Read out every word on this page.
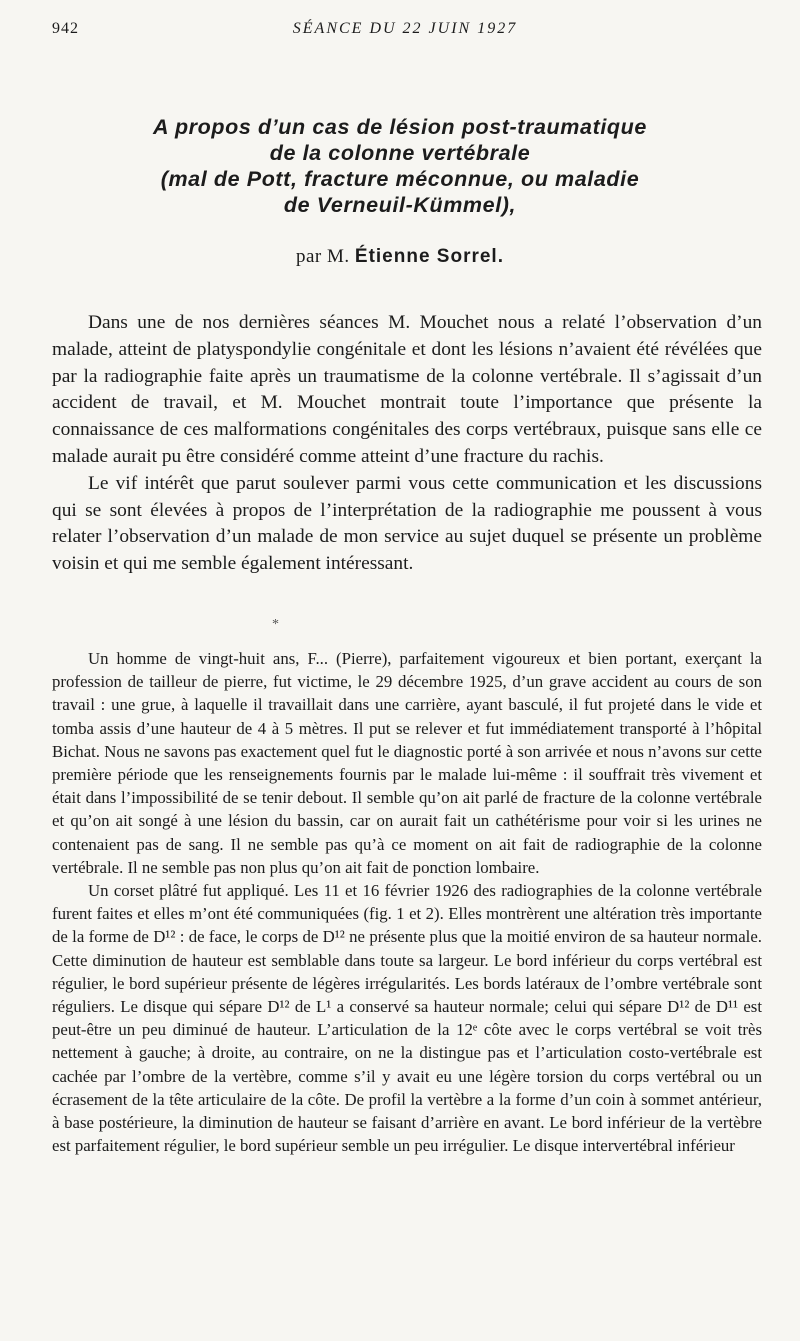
942	SÉANCE DU 22 JUIN 1927
A propos d’un cas de lésion post-traumatique
de la colonne vertébrale
(mal de Pott, fracture méconnue, ou maladie
de Verneuil-Kümmel),
par M. Étienne Sorrel.

Dans une de nos dernières séances M. Mouchet nous a relaté l’observation d’un malade, atteint de platyspondylie congénitale et dont les lésions n’avaient été révélées que par la radiographie faite après un traumatisme de la colonne vertébrale. Il s’agissait d’un accident de travail, et M. Mouchet montrait toute l’importance que présente la connaissance de ces malformations congénitales des corps vertébraux, puisque sans elle ce malade aurait pu être considéré comme atteint d’une fracture du rachis.

Le vif intérêt que parut soulever parmi vous cette communication et les discussions qui se sont élevées à propos de l’interprétation de la radiographie me poussent à vous relater l’observation d’un malade de mon service au sujet duquel se présente un problème voisin et qui me semble également intéressant.

*

Un homme de vingt-huit ans, F... (Pierre), parfaitement vigoureux et bien portant, exerçant la profession de tailleur de pierre, fut victime, le 29 décembre 1925, d’un grave accident au cours de son travail : une grue, à laquelle il travaillait dans une carrière, ayant basculé, il fut projeté dans le vide et tomba assis d’une hauteur de 4 à 5 mètres. Il put se relever et fut immédiatement transporté à l’hôpital Bichat. Nous ne savons pas exactement quel fut le diagnostic porté à son arrivée et nous n’avons sur cette première période que les renseignements fournis par le malade lui-même : il souffrait très vivement et était dans l’impossibilité de se tenir debout. Il semble qu’on ait parlé de fracture de la colonne vertébrale et qu’on ait songé à une lésion du bassin, car on aurait fait un cathétérisme pour voir si les urines ne contenaient pas de sang. Il ne semble pas qu’à ce moment on ait fait de radiographie de la colonne vertébrale. Il ne semble pas non plus qu’on ait fait de ponction lombaire.

Un corset plâtré fut appliqué. Les 11 et 16 février 1926 des radiographies de la colonne vertébrale furent faites et elles m’ont été communiquées (fig. 1 et 2). Elles montrèrent une altération très importante de la forme de D¹² : de face, le corps de D¹² ne présente plus que la moitié environ de sa hauteur normale. Cette diminution de hauteur est semblable dans toute sa largeur. Le bord inférieur du corps vertébral est régulier, le bord supérieur présente de légères irrégularités. Les bords latéraux de l’ombre vertébrale sont réguliers. Le disque qui sépare D¹² de L¹ a conservé sa hauteur normale; celui qui sépare D¹² de D¹¹ est peut-être un peu diminué de hauteur. L’articulation de la 12ᵉ côte avec le corps vertébral se voit très nettement à gauche; à droite, au contraire, on ne la distingue pas et l’articulation costo-vertébrale est cachée par l’ombre de la vertèbre, comme s’il y avait eu une légère torsion du corps vertébral ou un écrasement de la tête articulaire de la côte. De profil la vertèbre a la forme d’un coin à sommet antérieur, à base postérieure, la diminution de hauteur se faisant d’arrière en avant. Le bord inférieur de la vertèbre est parfaitement régulier, le bord supérieur semble un peu irrégulier. Le disque intervertébral inférieur
